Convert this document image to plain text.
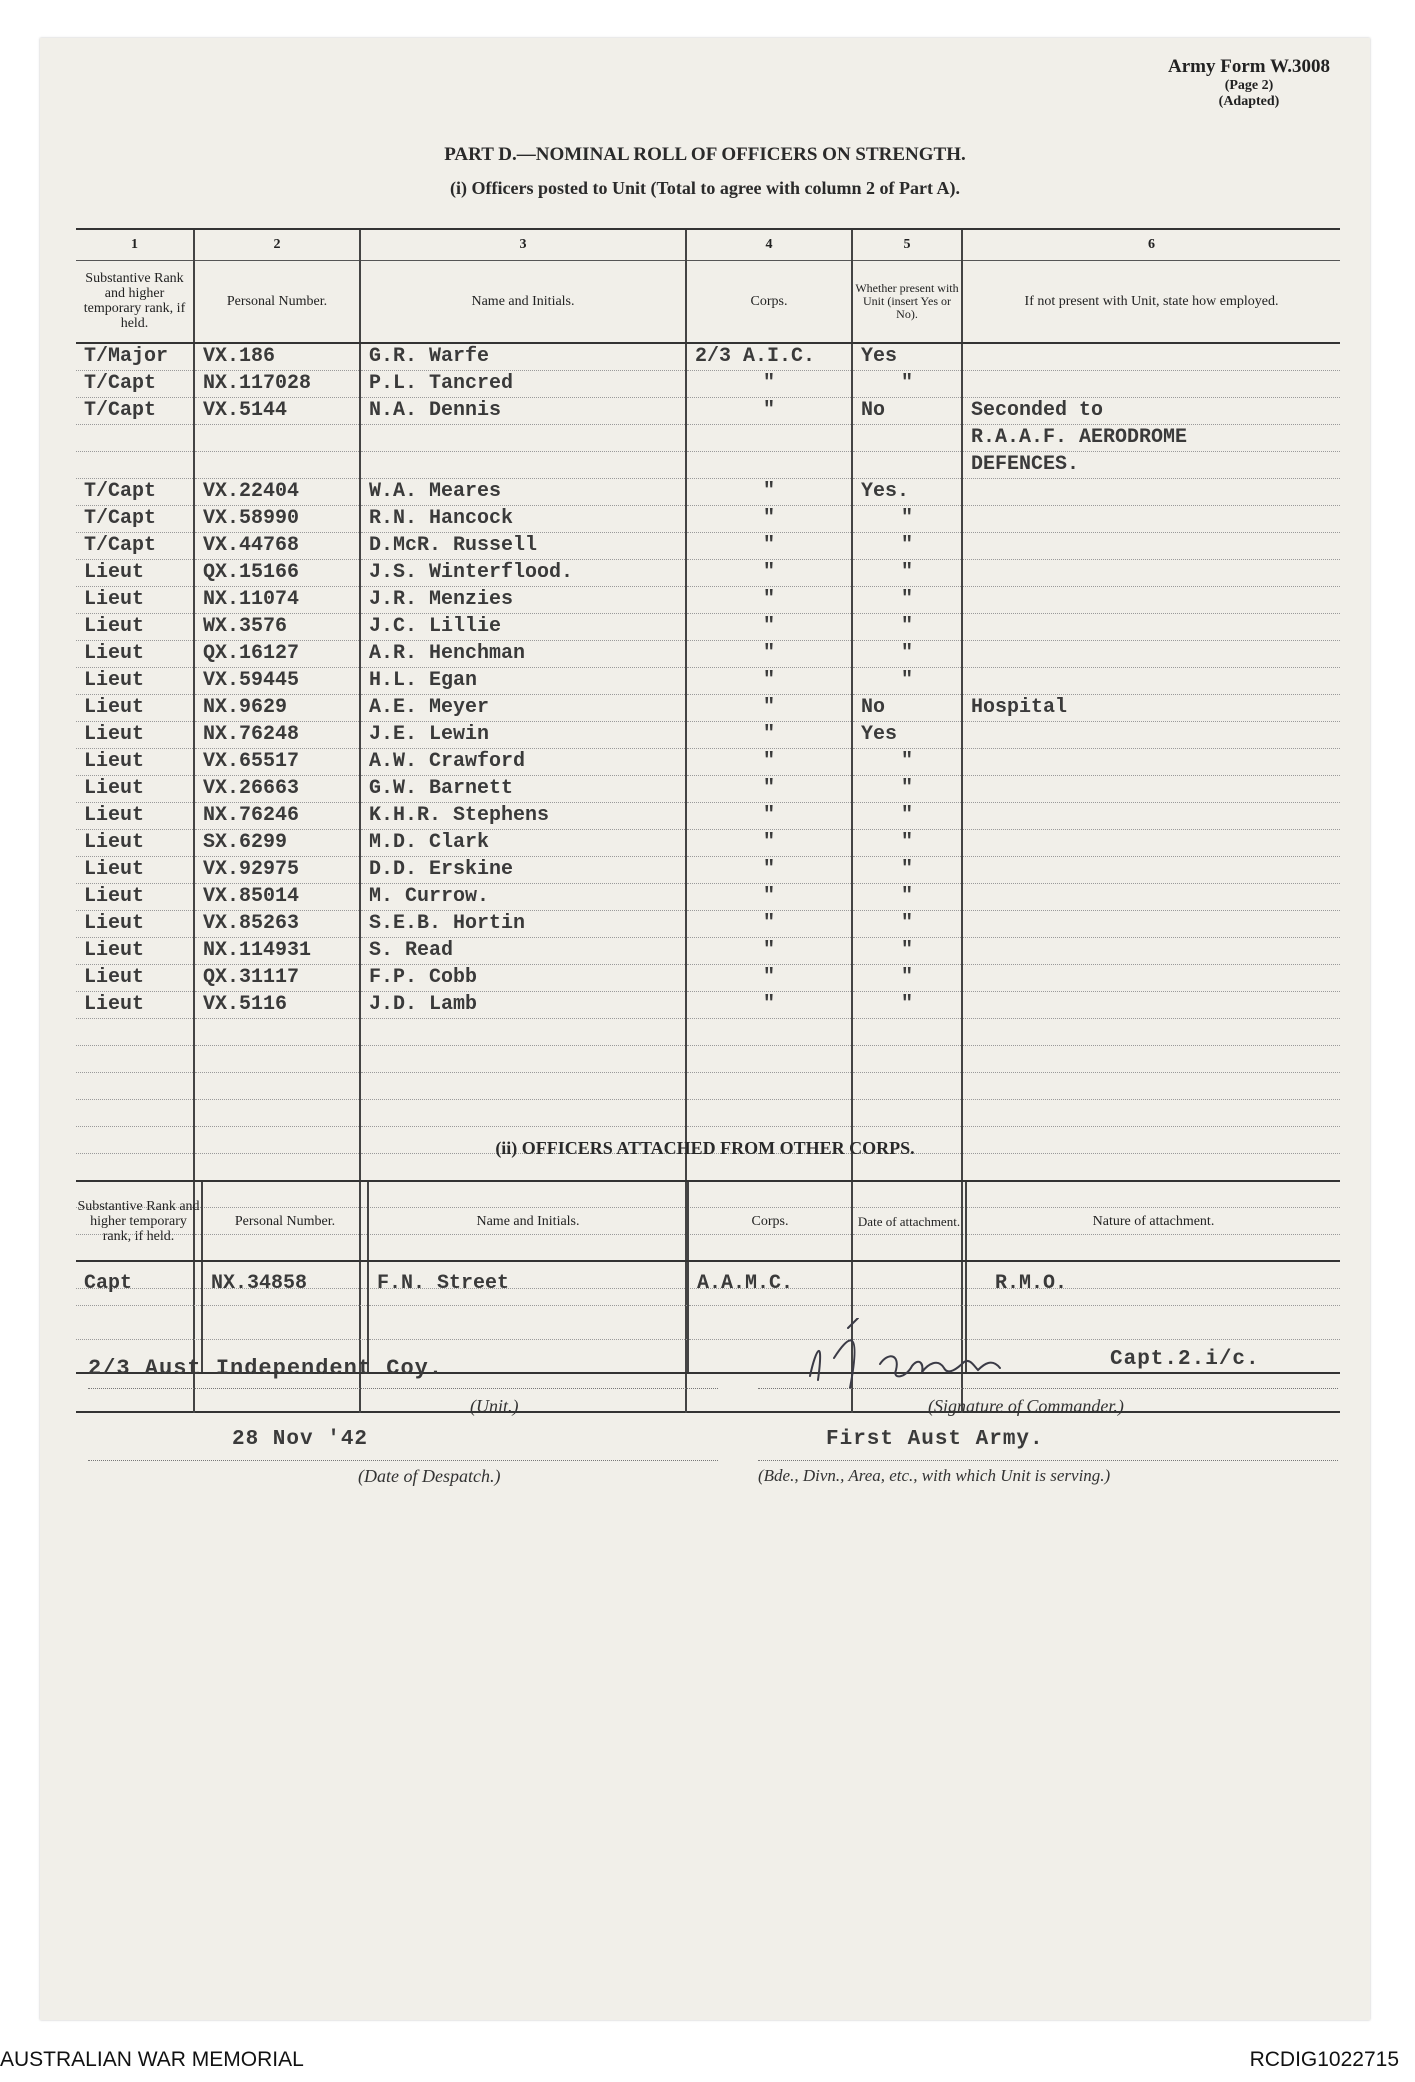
Army Form W.3008
(Page 2)
(Adapted)
PART D.—NOMINAL ROLL OF OFFICERS ON STRENGTH.
(i) Officers posted to Unit (Total to agree with column 2 of Part A).
1	2	3	4	5	6
Substantive Rank and higher temporary rank, if held.	Personal Number.	Name and Initials.	Corps.	Whether present with Unit (insert Yes or No).	If not present with Unit, state how employed.
T/Major	VX.186	G.R. Warfe	2/3 A.I.C.	Yes	
T/Capt	NX.117028	P.L. Tancred	"	"	
T/Capt	VX.5144	N.A. Dennis	"	No	Seconded to
					R.A.A.F. AERODROME
					DEFENCES.
T/Capt	VX.22404	W.A. Meares	"	Yes.	
T/Capt	VX.58990	R.N. Hancock	"	"	
T/Capt	VX.44768	D.McR. Russell	"	"	
Lieut	QX.15166	J.S. Winterflood.	"	"	
Lieut	NX.11074	J.R. Menzies	"	"	
Lieut	WX.3576	J.C. Lillie	"	"	
Lieut	QX.16127	A.R. Henchman	"	"	
Lieut	VX.59445	H.L. Egan	"	"	
Lieut	NX.9629	A.E. Meyer	"	No	Hospital
Lieut	NX.76248	J.E. Lewin	"	Yes	
Lieut	VX.65517	A.W. Crawford	"	"	
Lieut	VX.26663	G.W. Barnett	"	"	
Lieut	NX.76246	K.H.R. Stephens	"	"	
Lieut	SX.6299	M.D. Clark	"	"	
Lieut	VX.92975	D.D. Erskine	"	"	
Lieut	VX.85014	M. Currow.	"	"	
Lieut	VX.85263	S.E.B. Hortin	"	"	
Lieut	NX.114931	S. Read	"	"	
Lieut	QX.31117	F.P. Cobb	"	"	
Lieut	VX.5116	J.D. Lamb	"	"	

(ii) OFFICERS ATTACHED FROM OTHER CORPS.
Substantive Rank and higher temporary rank, if held.	Personal Number.	Name and Initials.	Corps.	Date of attachment.	Nature of attachment.
Capt	NX.34858	F.N. Street	A.A.M.C.		R.M.O.

2/3 Aust Independent Coy.
(Unit.)
Capt.2.i/c.
(Signature of Commander.)
28 Nov '42
(Date of Despatch.)
First Aust Army.
(Bde., Divn., Area, etc., with which Unit is serving.)
AUSTRALIAN WAR MEMORIAL	RCDIG1022715
